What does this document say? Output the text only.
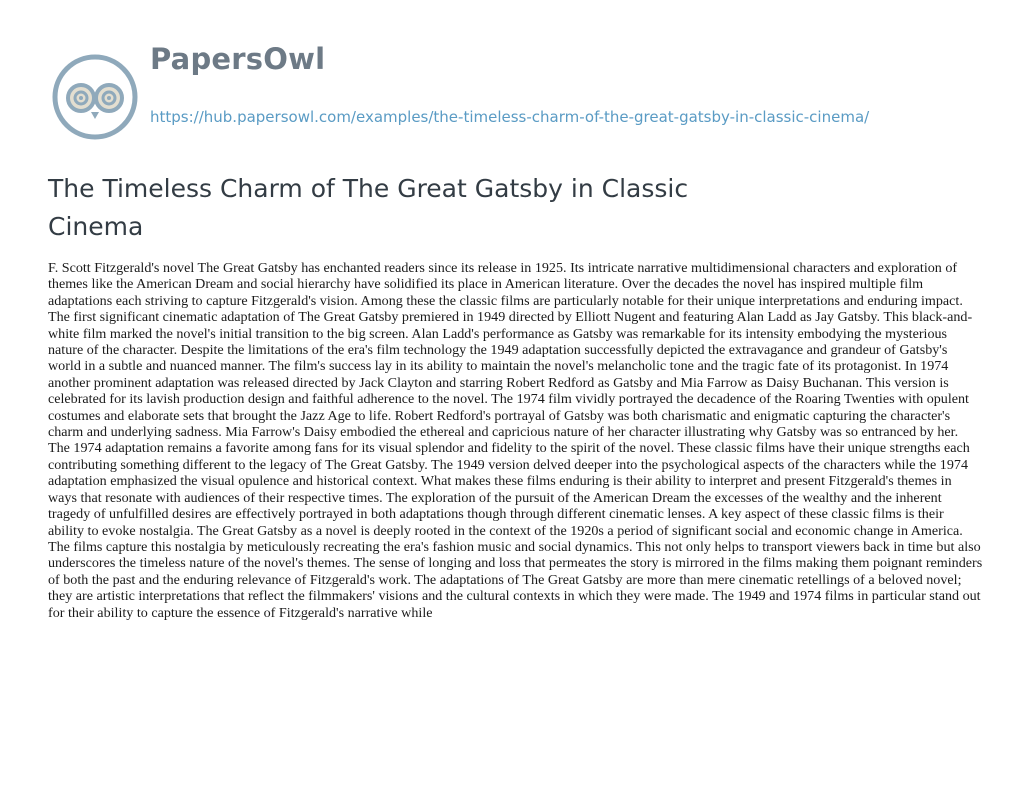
PapersOwl
https://hub.papersowl.com/examples/the-timeless-charm-of-the-great-gatsby-in-classic-cinema/
The Timeless Charm of The Great Gatsby in Classic Cinema

F. Scott Fitzgerald's novel The Great Gatsby has enchanted readers since its release in 1925. Its intricate narrative multidimensional characters and exploration of themes like the American Dream and social hierarchy have solidified its place in American literature. Over the decades the novel has inspired multiple film adaptations each striving to capture Fitzgerald's vision. Among these the classic films are particularly notable for their unique interpretations and enduring impact. The first significant cinematic adaptation of The Great Gatsby premiered in 1949 directed by Elliott Nugent and featuring Alan Ladd as Jay Gatsby. This black-and-white film marked the novel's initial transition to the big screen. Alan Ladd's performance as Gatsby was remarkable for its intensity embodying the mysterious nature of the character. Despite the limitations of the era's film technology the 1949 adaptation successfully depicted the extravagance and grandeur of Gatsby's world in a subtle and nuanced manner. The film's success lay in its ability to maintain the novel's melancholic tone and the tragic fate of its protagonist. In 1974 another prominent adaptation was released directed by Jack Clayton and starring Robert Redford as Gatsby and Mia Farrow as Daisy Buchanan. This version is celebrated for its lavish production design and faithful adherence to the novel. The 1974 film vividly portrayed the decadence of the Roaring Twenties with opulent costumes and elaborate sets that brought the Jazz Age to life. Robert Redford's portrayal of Gatsby was both charismatic and enigmatic capturing the character's charm and underlying sadness. Mia Farrow's Daisy embodied the ethereal and capricious nature of her character illustrating why Gatsby was so entranced by her. The 1974 adaptation remains a favorite among fans for its visual splendor and fidelity to the spirit of the novel. These classic films have their unique strengths each contributing something different to the legacy of The Great Gatsby. The 1949 version delved deeper into the psychological aspects of the characters while the 1974 adaptation emphasized the visual opulence and historical context. What makes these films enduring is their ability to interpret and present Fitzgerald's themes in ways that resonate with audiences of their respective times. The exploration of the pursuit of the American Dream the excesses of the wealthy and the inherent tragedy of unfulfilled desires are effectively portrayed in both adaptations though through different cinematic lenses. A key aspect of these classic films is their ability to evoke nostalgia. The Great Gatsby as a novel is deeply rooted in the context of the 1920s a period of significant social and economic change in America. The films capture this nostalgia by meticulously recreating the era's fashion music and social dynamics. This not only helps to transport viewers back in time but also underscores the timeless nature of the novel's themes. The sense of longing and loss that permeates the story is mirrored in the films making them poignant reminders of both the past and the enduring relevance of Fitzgerald's work. The adaptations of The Great Gatsby are more than mere cinematic retellings of a beloved novel; they are artistic interpretations that reflect the filmmakers' visions and the cultural contexts in which they were made. The 1949 and 1974 films in particular stand out for their ability to capture the essence of Fitzgerald's narrative while
